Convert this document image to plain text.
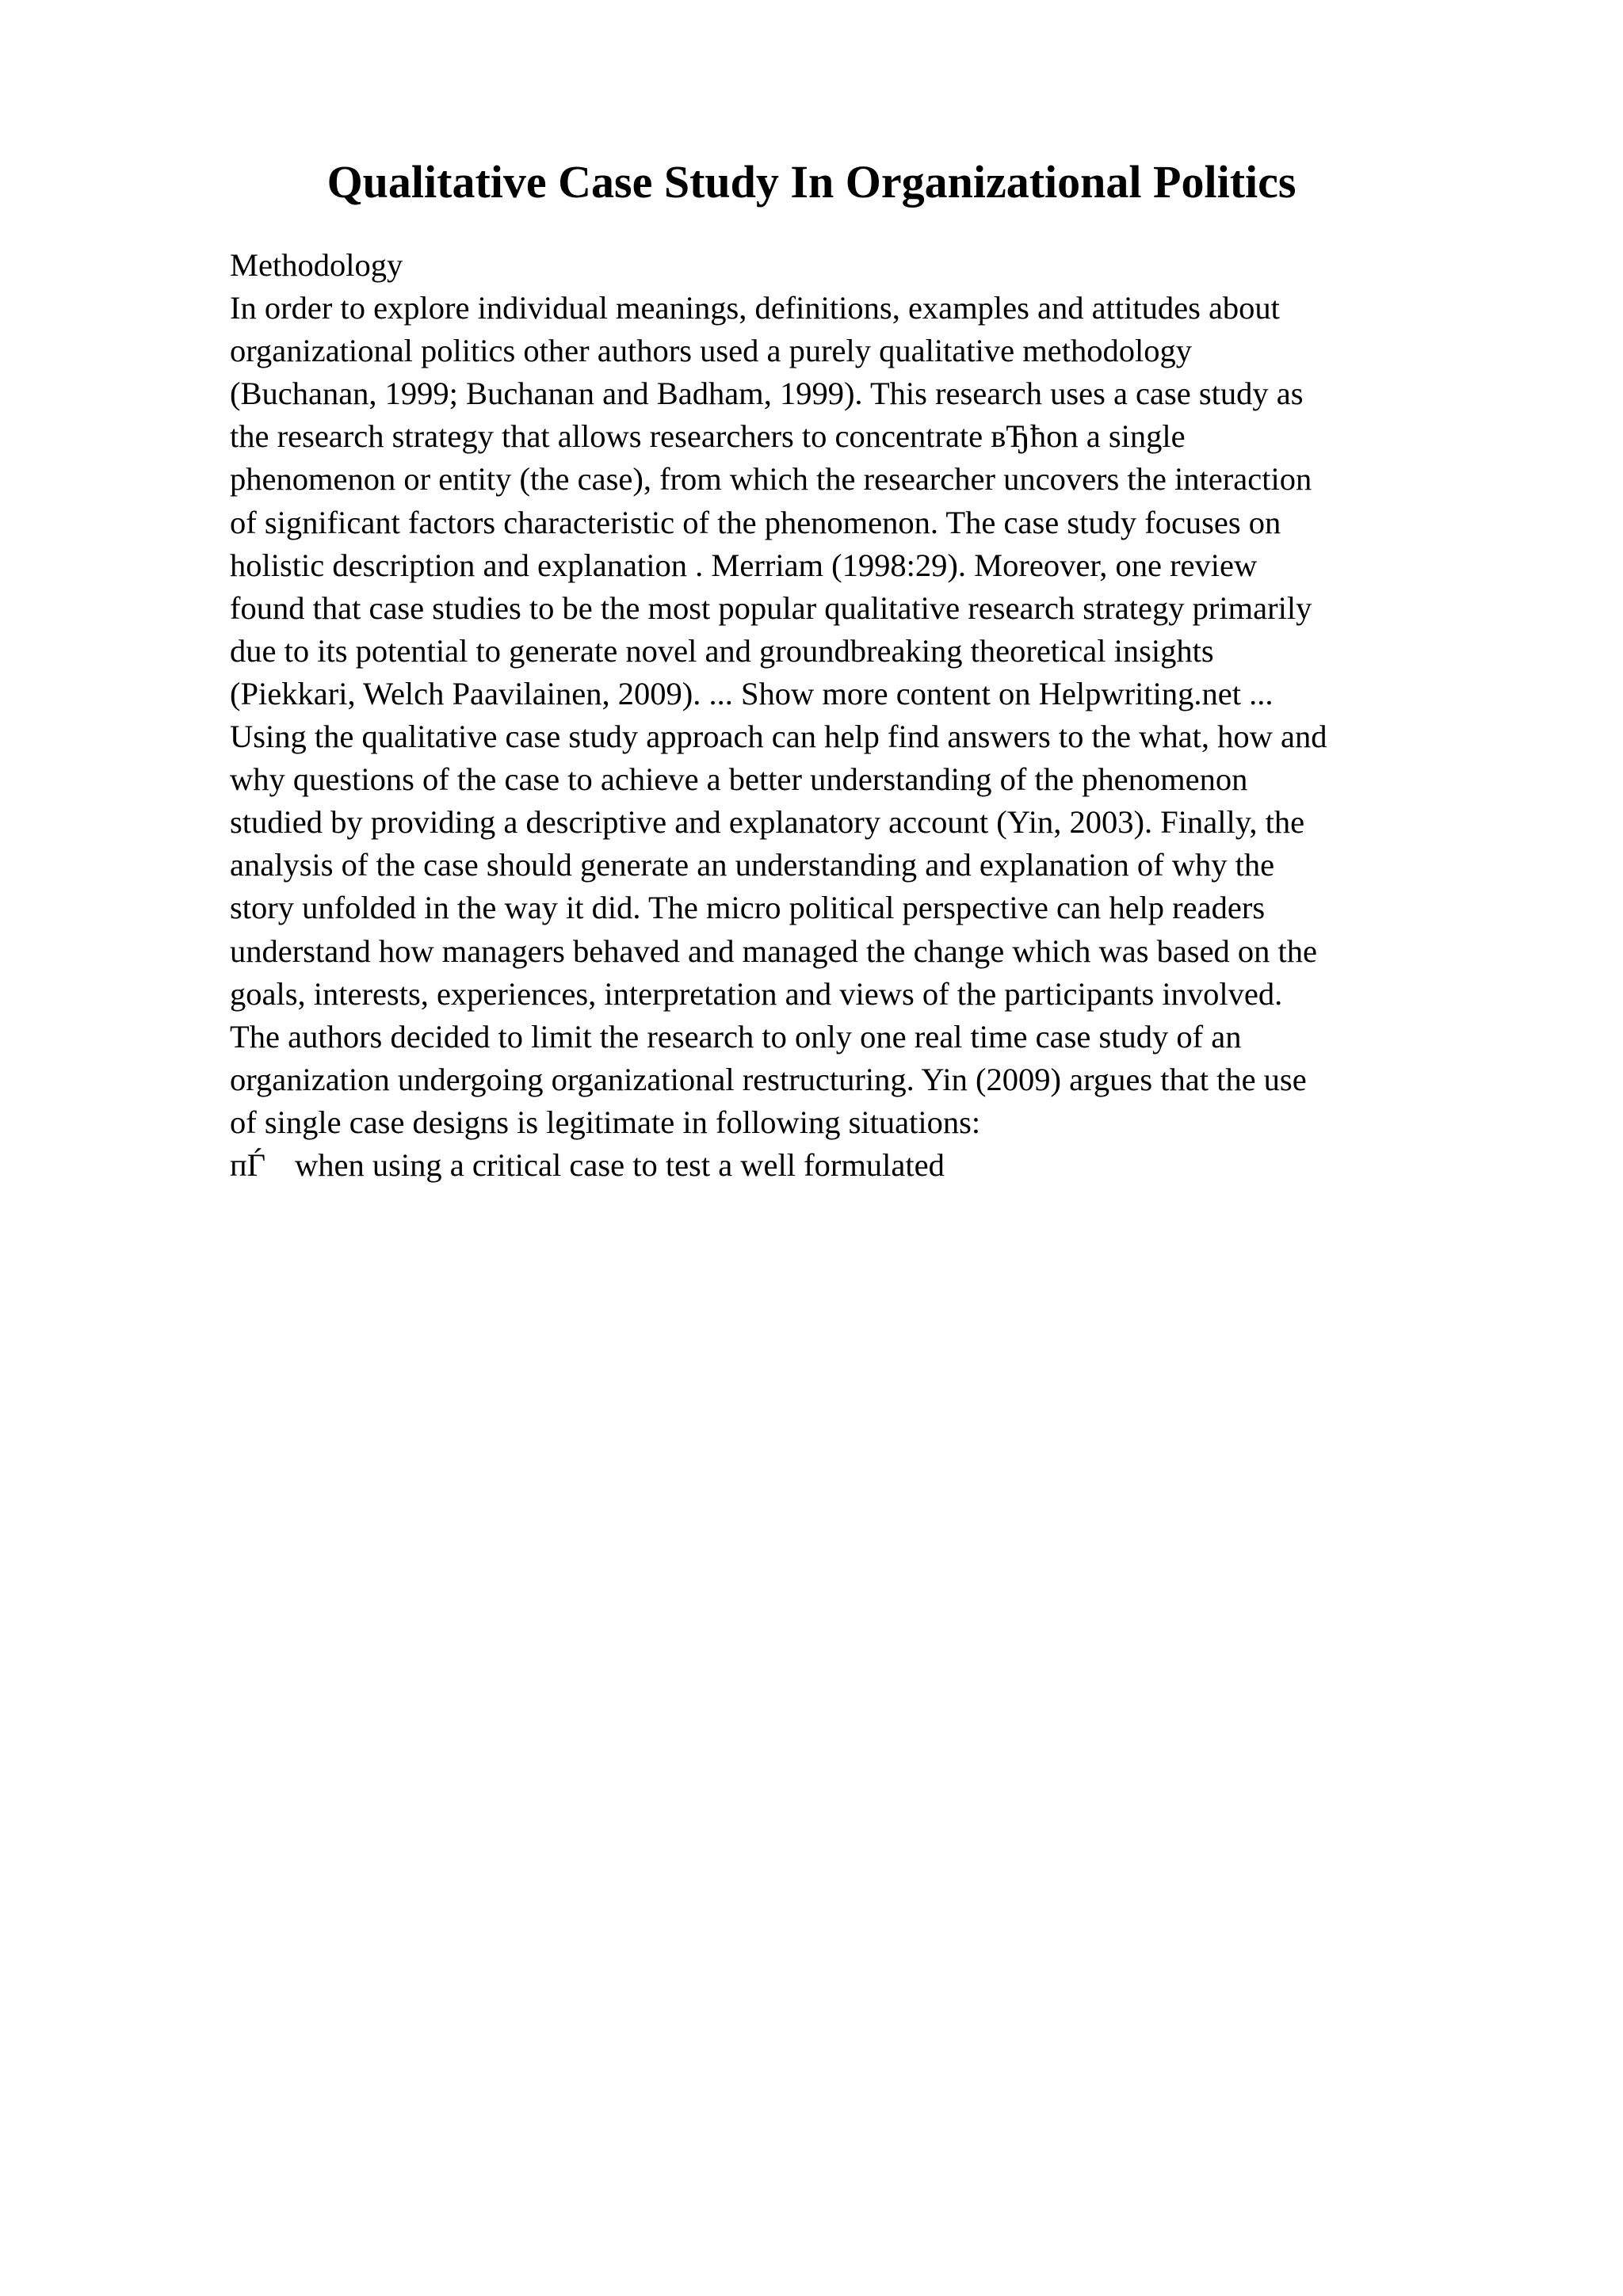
Qualitative Case Study In Organizational Politics
Methodology
In order to explore individual meanings, definitions, examples and attitudes about
organizational politics other authors used a purely qualitative methodology
(Buchanan, 1999; Buchanan and Badham, 1999). This research uses a case study as
the research strategy that allows researchers to concentrate вЂћon a single
phenomenon or entity (the case), from which the researcher uncovers the interaction
of significant factors characteristic of the phenomenon. The case study focuses on
holistic description and explanation . Merriam (1998:29). Moreover, one review
found that case studies to be the most popular qualitative research strategy primarily
due to its potential to generate novel and groundbreaking theoretical insights
(Piekkari, Welch Paavilainen, 2009). ... Show more content on Helpwriting.net ...
Using the qualitative case study approach can help find answers to the what, how and
why questions of the case to achieve a better understanding of the phenomenon
studied by providing a descriptive and explanatory account (Yin, 2003). Finally, the
analysis of the case should generate an understanding and explanation of why the
story unfolded in the way it did. The micro political perspective can help readers
understand how managers behaved and managed the change which was based on the
goals, interests, experiences, interpretation and views of the participants involved.
The authors decided to limit the research to only one real time case study of an
organization undergoing organizational restructuring. Yin (2009) argues that the use
of single case designs is legitimate in following situations:
пЃ when using a critical case to test a well formulated
